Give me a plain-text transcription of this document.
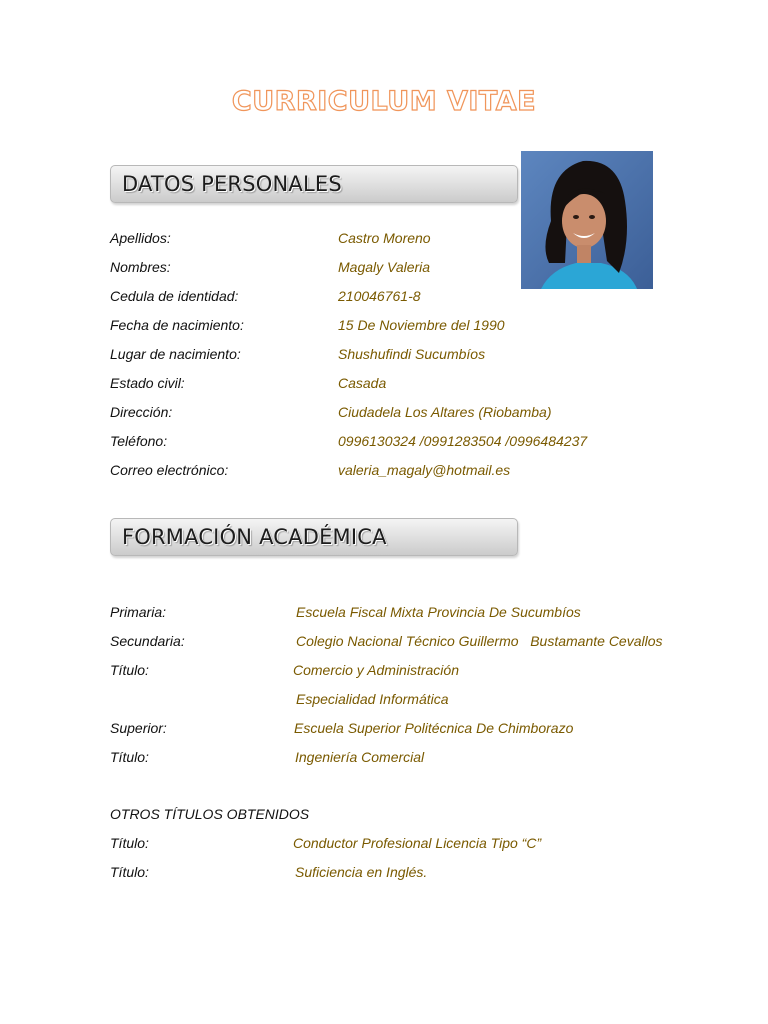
CURRICULUM VITAE
DATOS PERSONALES
Apellidos:	Castro Moreno
Nombres:	Magaly Valeria
Cedula de identidad:	210046761-8
Fecha de nacimiento:	15 De Noviembre del 1990
Lugar de nacimiento:	Shushufindi Sucumbíos
Estado civil:	Casada
Dirección:	Ciudadela Los Altares (Riobamba)
Teléfono:	0996130324 /0991283504 /0996484237
Correo electrónico:	valeria_magaly@hotmail.es
FORMACIÓN ACADÉMICA
Primaria:	Escuela Fiscal Mixta Provincia De Sucumbíos
Secundaria:	Colegio Nacional Técnico Guillermo   Bustamante Cevallos
Título:	Comercio y Administración
Especialidad Informática
Superior:	Escuela Superior Politécnica De Chimborazo
Título:	Ingeniería Comercial
OTROS TÍTULOS OBTENIDOS
Título:	Conductor Profesional Licencia Tipo “C”
Título:	Suficiencia en Inglés.
